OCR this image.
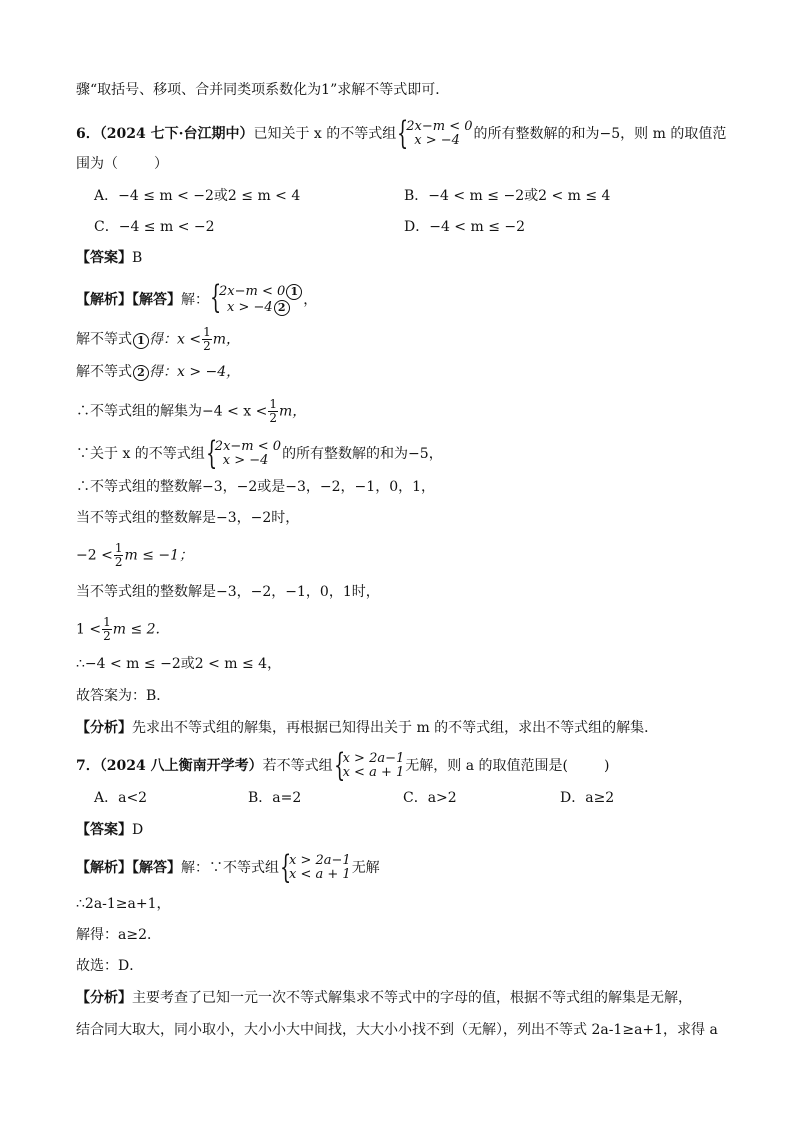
骤“取括号、移项、合并同类项系数化为1”求解不等式即可．
6．（2024 七下·台江期中）已知关于 x 的不等式组 {
2x−m < 0
x > −4 的所有整数解的和为−5，则 m 的取值范
围为（	）
A．−4 ≤ m < −2或2 ≤ m < 4	B．−4 < m ≤ −2或2 < m ≤ 4
C．−4 ≤ m < −2	D．−4 < m ≤ −2
【答案】B
【解析】【解答】解： {
2x−m < 0 1
x > −4 2	，
解不等式 1 得：$x < \frac{1}{2}$ m，
解不等式 2 得：x > −4，
∴不等式组的解集为$-4 < x < \frac{1}{2}$ m，
∵关于 x 的不等式组 {
2x−m < 0
x > −4 的所有整数解的和为−5，
∴不等式组的整数解−3，−2或是−3，−2，−1，0，1，
当不等式组的整数解是−3，−2时，
$-2 < \frac{1}{2}$ m ≤ −1；
当不等式组的整数解是−3，−2，−1，0，1时，
$1 < \frac{1}{2}$ m ≤ 2.
∴−4 < m ≤ −2或2 < m ≤ 4，
故答案为：B．
【分析】先求出不等式组的解集，再根据已知得出关于 m 的不等式组，求出不等式组的解集．
7．（2024 八上衡南开学考）若不等式组 {
x > 2a−1
x < a + 1 无解，则 a 的取值范围是(	)
A．a<2	B．a=2	C．a>2	D．a≥2
【答案】D
【解析】【解答】解：∵不等式组 {
x > 2a−1
x < a + 1 无解
∴2a-1≥a+1，
解得：a≥2．
故选：D．
【分析】主要考查了已知一元一次不等式解集求不等式中的字母的值，根据不等式组的解集是无解，
结合同大取大，同小取小，大小小大中间找，大大小小找不到（无解），列出不等式 2a-1≥a+1，求得 a
